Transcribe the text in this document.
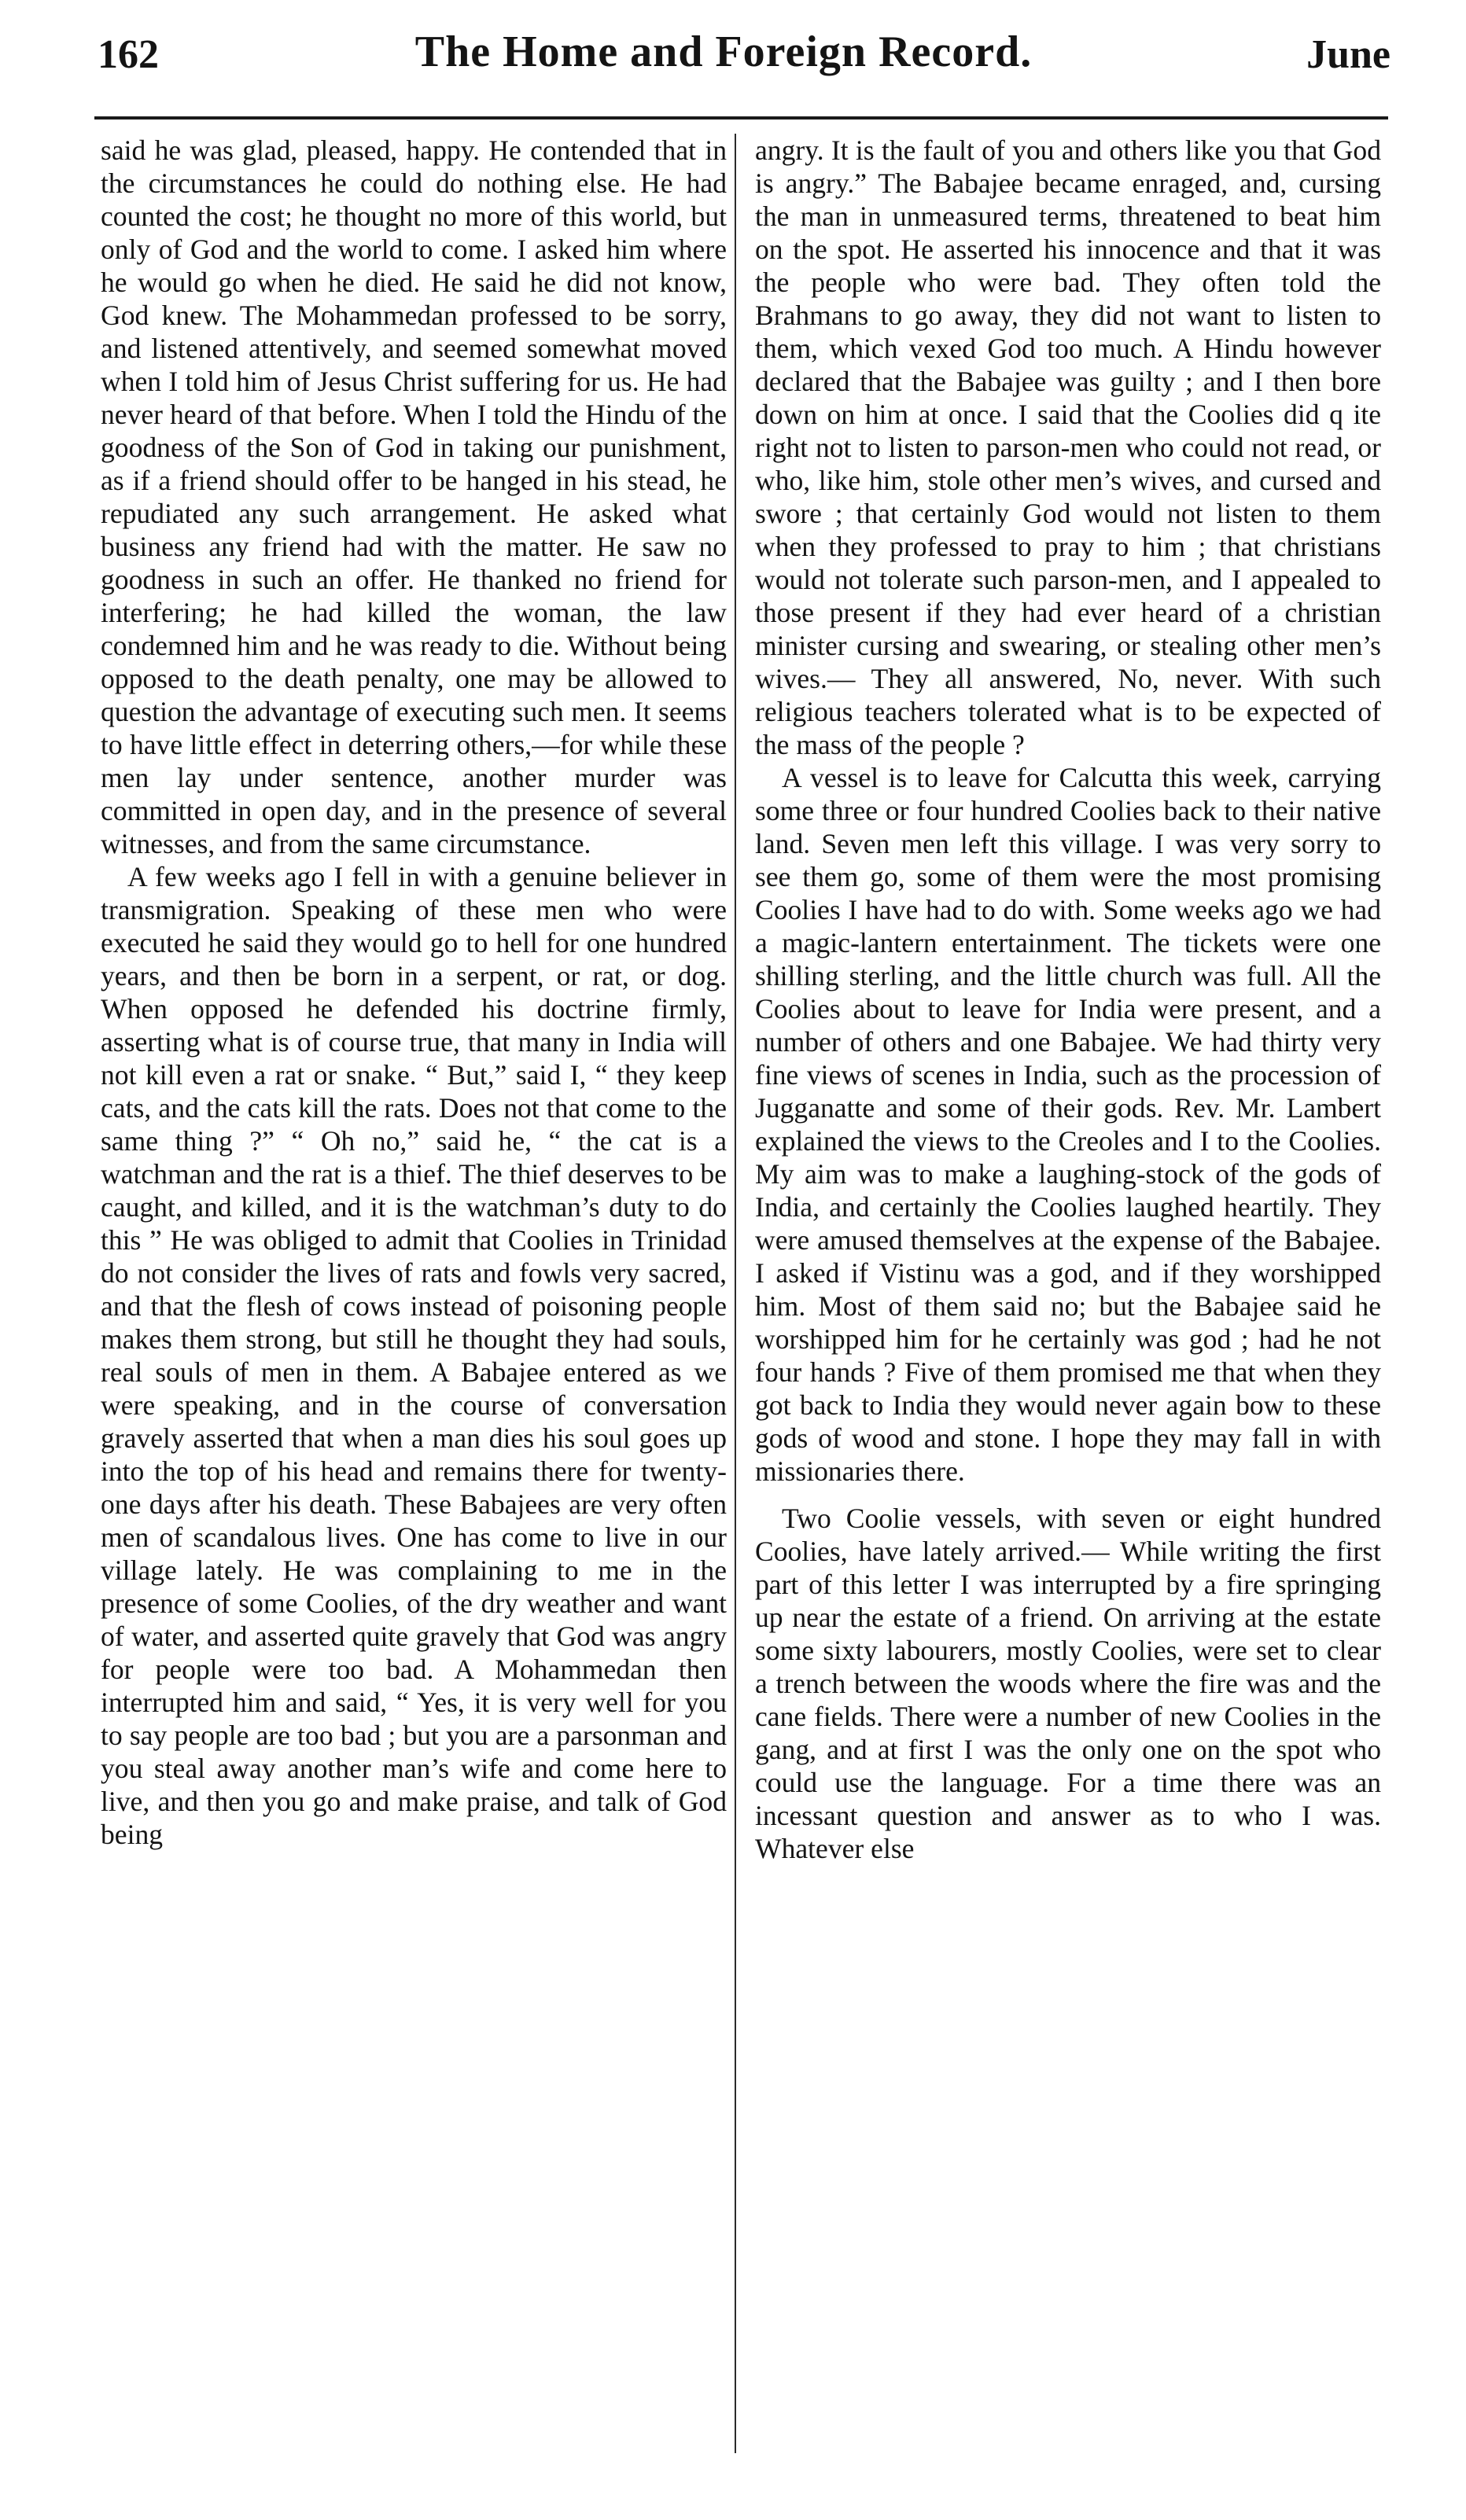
162	The Home and Foreign Record.	June

said he was glad, pleased, happy. He contended that in the circumstances he could do nothing else. He had counted the cost; he thought no more of this world, but only of God and the world to come. I asked him where he would go when he died. He said he did not know, God knew. The Mohammedan professed to be sorry, and listened attentively, and seemed somewhat moved when I told him of Jesus Christ suffering for us. He had never heard of that before. When I told the Hindu of the goodness of the Son of God in taking our punishment, as if a friend should offer to be hanged in his stead, he repudiated any such arrangement. He asked what business any friend had with the matter. He saw no goodness in such an offer. He thanked no friend for interfering; he had killed the woman, the law condemned him and he was ready to die. Without being opposed to the death penalty, one may be allowed to question the advantage of executing such men. It seems to have little effect in deterring others,—for while these men lay under sentence, another murder was committed in open day, and in the presence of several witnesses, and from the same circumstance.

A few weeks ago I fell in with a genuine believer in transmigration. Speaking of these men who were executed he said they would go to hell for one hundred years, and then be born in a serpent, or rat, or dog. When opposed he defended his doctrine firmly, asserting what is of course true, that many in India will not kill even a rat or snake. “ But,” said I, “ they keep cats, and the cats kill the rats. Does not that come to the same thing ?” “ Oh no,” said he, “ the cat is a watchman and the rat is a thief. The thief deserves to be caught, and killed, and it is the watchman’s duty to do this ” He was obliged to admit that Coolies in Trinidad do not consider the lives of rats and fowls very sacred, and that the flesh of cows instead of poisoning people makes them strong, but still he thought they had souls, real souls of men in them. A Babajee entered as we were speaking, and in the course of conversation gravely asserted that when a man dies his soul goes up into the top of his head and remains there for twenty-one days after his death. These Babajees are very often men of scandalous lives. One has come to live in our village lately. He was complaining to me in the presence of some Coolies, of the dry weather and want of water, and asserted quite gravely that God was angry for people were too bad. A Mohammedan then interrupted him and said, “ Yes, it is very well for you to say people are too bad ; but you are a parsonman and you steal away another man’s wife and come here to live, and then you go and make praise, and talk of God being

angry. It is the fault of you and others like you that God is angry.” The Babajee became enraged, and, cursing the man in unmeasured terms, threatened to beat him on the spot. He asserted his innocence and that it was the people who were bad. They often told the Brahmans to go away, they did not want to listen to them, which vexed God too much. A Hindu however declared that the Babajee was guilty ; and I then bore down on him at once. I said that the Coolies did q ite right not to listen to parson-men who could not read, or who, like him, stole other men’s wives, and cursed and swore ; that certainly God would not listen to them when they professed to pray to him ; that christians would not tolerate such parson-men, and I appealed to those present if they had ever heard of a christian minister cursing and swearing, or stealing other men’s wives.— They all answered, No, never. With such religious teachers tolerated what is to be expected of the mass of the people ?

A vessel is to leave for Calcutta this week, carrying some three or four hundred Coolies back to their native land. Seven men left this village. I was very sorry to see them go, some of them were the most promising Coolies I have had to do with. Some weeks ago we had a magic-lantern entertainment. The tickets were one shilling sterling, and the little church was full. All the Coolies about to leave for India were present, and a number of others and one Babajee. We had thirty very fine views of scenes in India, such as the procession of Jugganatte and some of their gods. Rev. Mr. Lambert explained the views to the Creoles and I to the Coolies. My aim was to make a laughing-stock of the gods of India, and certainly the Coolies laughed heartily. They were amused themselves at the expense of the Babajee. I asked if Vistinu was a god, and if they worshipped him. Most of them said no; but the Babajee said he worshipped him for he certainly was god ; had he not four hands ? Five of them promised me that when they got back to India they would never again bow to these gods of wood and stone. I hope they may fall in with missionaries there.

Two Coolie vessels, with seven or eight hundred Coolies, have lately arrived.— While writing the first part of this letter I was interrupted by a fire springing up near the estate of a friend. On arriving at the estate some sixty labourers, mostly Coolies, were set to clear a trench between the woods where the fire was and the cane fields. There were a number of new Coolies in the gang, and at first I was the only one on the spot who could use the language. For a time there was an incessant question and answer as to who I was. Whatever else
